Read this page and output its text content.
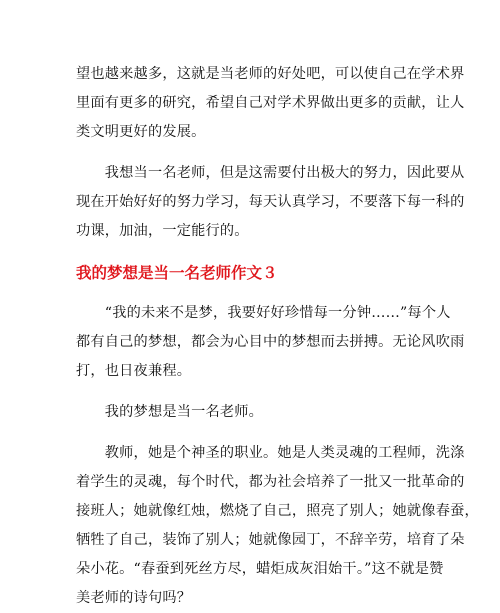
望也越来越多，这就是当老师的好处吧，可以使自己在学术界
里面有更多的研究，希望自己对学术界做出更多的贡献，让人
类文明更好的发展。

　　我想当一名老师，但是这需要付出极大的努力，因此要从
现在开始好好的努力学习，每天认真学习，不要落下每一科的
功课，加油，一定能行的。

我的梦想是当一名老师作文３

　　“我的未来不是梦，我要好好珍惜每一分钟……”每个人
都有自己的梦想，都会为心目中的梦想而去拼搏。无论风吹雨
打，也日夜兼程。

　　我的梦想是当一名老师。

　　教师，她是个神圣的职业。她是人类灵魂的工程师，洗涤
着学生的灵魂，每个时代，都为社会培养了一批又一批革命的
接班人；她就像红烛，燃烧了自己，照亮了别人；她就像春蚕，
牺牲了自己，装饰了别人；她就像园丁，不辞辛劳，培育了朵
朵小花。“春蚕到死丝方尽，蜡炬成灰泪始干。”这不就是赞
美老师的诗句吗？
